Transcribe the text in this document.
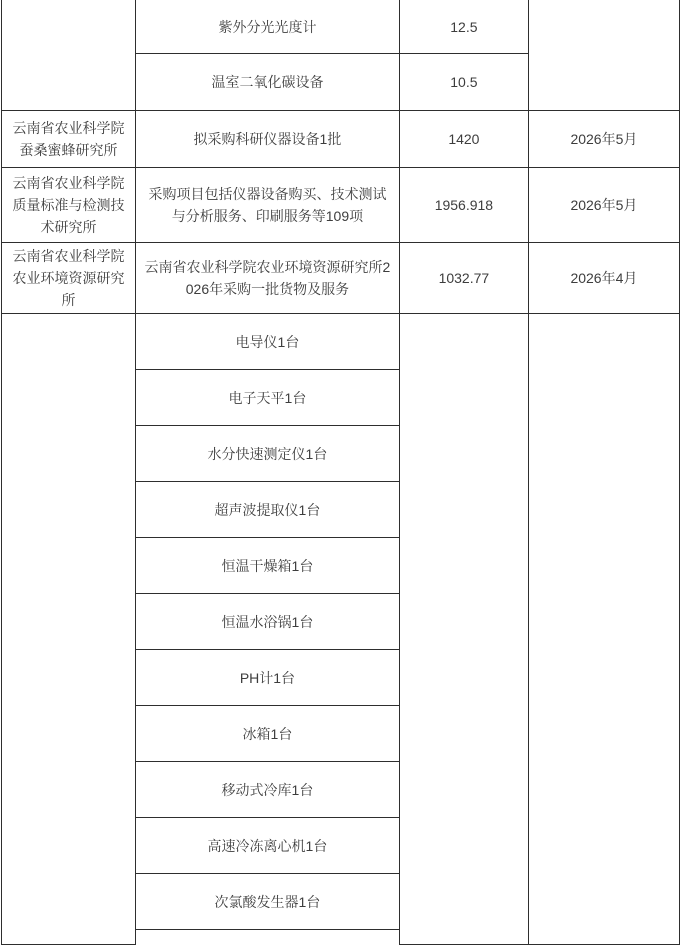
	紫外分光光度计	12.5	
	温室二氧化碳设备	10.5	
云南省农业科学院蚕桑蜜蜂研究所	拟采购科研仪器设备1批	1420	2026年5月
云南省农业科学院质量标准与检测技术研究所	采购项目包括仪器设备购买、技术测试与分析服务、印刷服务等109项	1956.918	2026年5月
云南省农业科学院农业环境资源研究所	云南省农业科学院农业环境资源研究所2026年采购一批货物及服务	1032.77	2026年4月
	电导仪1台		
	电子天平1台		
	水分快速测定仪1台		
	超声波提取仪1台		
	恒温干燥箱1台		
	恒温水浴锅1台		
	PH计1台		
	冰箱1台		
	移动式冷库1台		
	高速冷冻离心机1台		
	次氯酸发生器1台		
